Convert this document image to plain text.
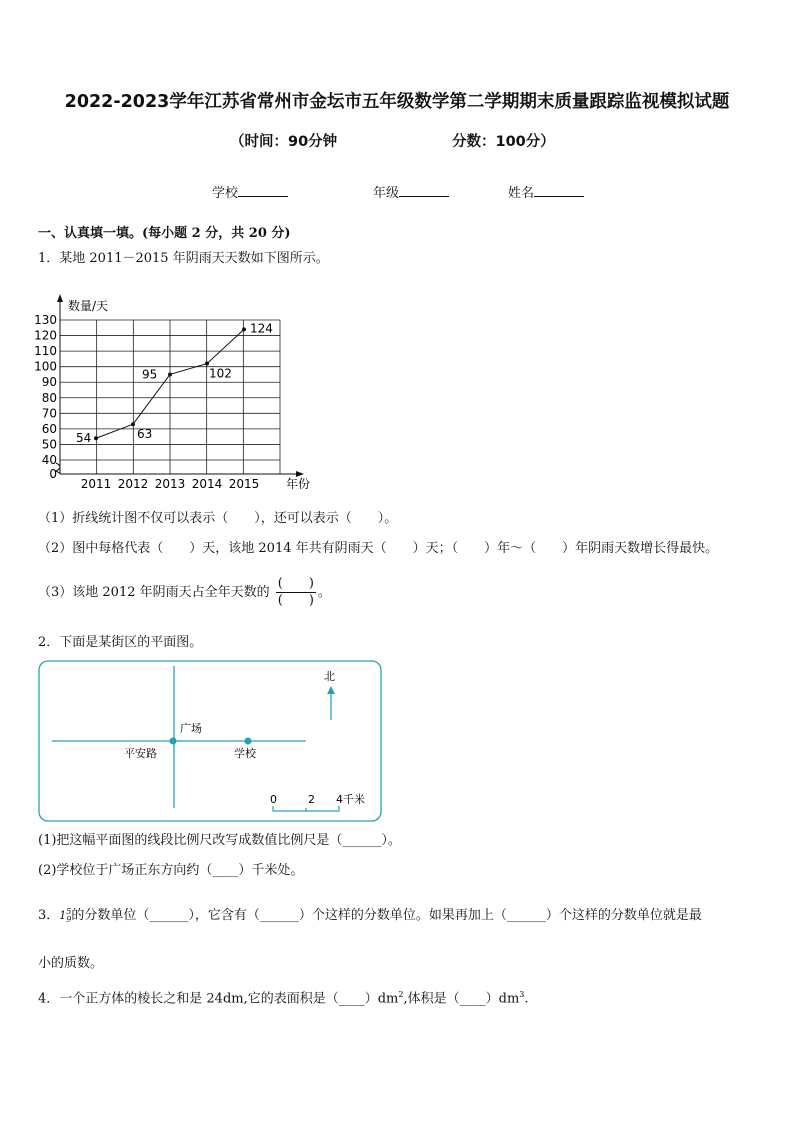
2022-2023学年江苏省常州市金坛市五年级数学第二学期期末质量跟踪监视模拟试题
（时间：90分钟	分数：100分）
学校	年级	姓名
一、认真填一填。(每小题 2 分，共 20 分)
1．某地 2011－2015 年阴雨天天数如下图所示。
0
40
50
60
70
80
90
100
110
120
130
2011 2012 2013 2014 2015
数量/天
年份
54	63
95	102
124
（1）折线统计图不仅可以表示（　　），还可以表示（　　）。
（2）图中每格代表（　　）天，该地 2014 年共有阴雨天（　　）天；（　　）年～（　　）年阴雨天数增长得最快。
（3）该地 2012 年阴雨天占全年天数的 $\frac{( )}{( )}$ 。
2．下面是某街区的平面图。
广场
平安路	学校
北
0	2 4千米
(1)把这幅平面图的线段比例尺改写成数值比例尺是（______）。
(2)学校位于广场正东方向约（____）千米处。
3．1 5
9 的分数单位（______），它含有（______）个这样的分数单位。如果再加上（______）个这样的分数单位就是最
小的质数。
4．一个正方体的棱长之和是 24dm,它的表面积是$(\_\_\_\_)dm^2$,体积是$(\_\_\_\_)dm^3$.
